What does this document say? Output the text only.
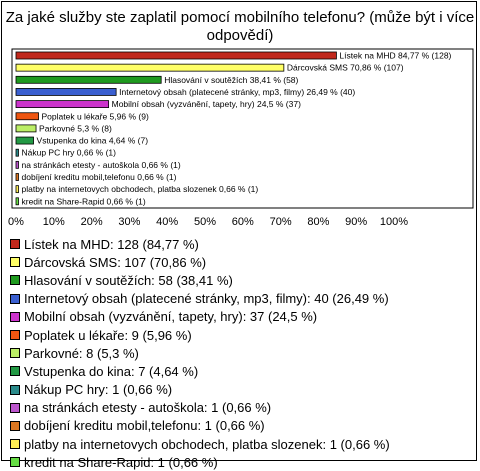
Za jaké služby ste zaplatil pomocí mobilního telefonu? (může být i více odpovědí)
Lístek na MHD 84,77 % (128)
Dárcovská SMS 70,86 % (107)
Hlasování v soutěžích 38,41 % (58)
Internetový obsah (platecené stránky, mp3, filmy) 26,49 % (40)
Mobilní obsah (vyzvánění, tapety, hry) 24,5 % (37)
Poplatek u lékaře 5,96 % (9)
Parkovné 5,3 % (8)
Vstupenka do kina 4,64 % (7)
Nákup PC hry 0,66 % (1)
na stránkách etesty - autoškola 0,66 % (1)
dobíjení kreditu mobil,telefonu 0,66 % (1)
platby na internetovych obchodech, platba slozenek 0,66 % (1)
kredit na Share-Rapid 0,66 % (1)
0% 10% 20% 30% 40% 50% 60% 70% 80% 90% 100%
Lístek na MHD: 128 (84,77 %)
Dárcovská SMS: 107 (70,86 %)
Hlasování v soutěžích: 58 (38,41 %)
Internetový obsah (platecené stránky, mp3, filmy): 40 (26,49 %)
Mobilní obsah (vyzvánění, tapety, hry): 37 (24,5 %)
Poplatek u lékaře: 9 (5,96 %)
Parkovné: 8 (5,3 %)
Vstupenka do kina: 7 (4,64 %)
Nákup PC hry: 1 (0,66 %)
na stránkách etesty - autoškola: 1 (0,66 %)
dobíjení kreditu mobil,telefonu: 1 (0,66 %)
platby na internetovych obchodech, platba slozenek: 1 (0,66 %)
kredit na Share-Rapid: 1 (0,66 %)
